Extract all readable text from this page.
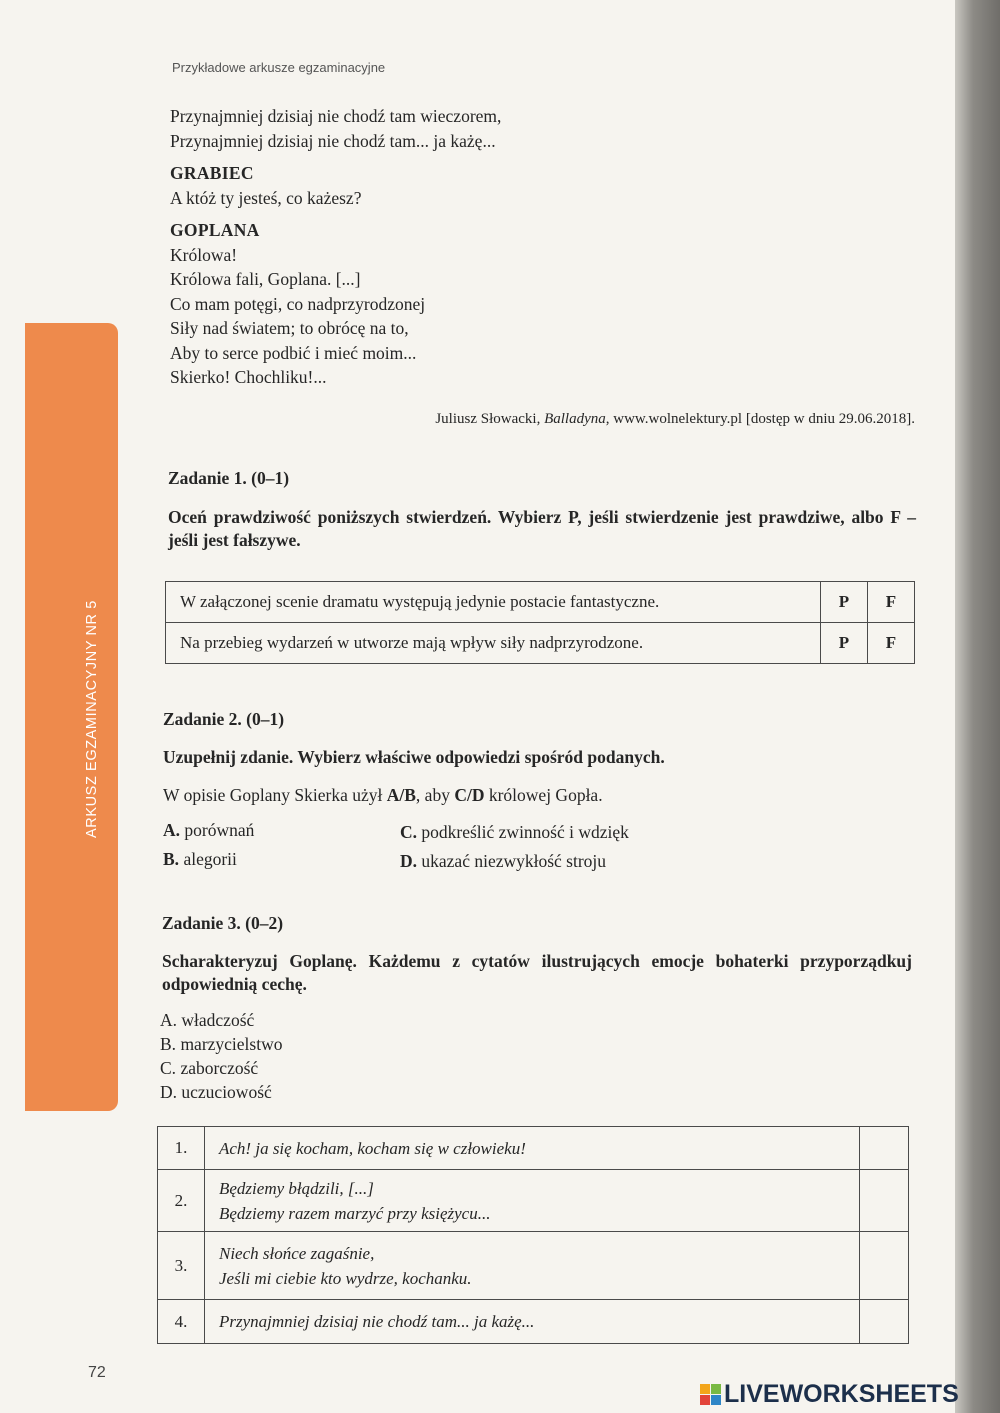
ARKUSZ EGZAMINACYJNY NR 5
Przykładowe arkusze egzaminacyjne

Przynajmniej dzisiaj nie chodź tam wieczorem,

Przynajmniej dzisiaj nie chodź tam... ja każę...

GRABIEC

A któż ty jesteś, co każesz?

GOPLANA

Królowa!

Królowa fali, Goplana. [...]

Co mam potęgi, co nadprzyrodzonej

Siły nad światem; to obrócę na to,

Aby to serce podbić i mieć moim...

Skierko! Chochliku!...

Juliusz Słowacki, Balladyna, www.wolnelektury.pl [dostęp w dniu 29.06.2018].
Zadanie 1. (0–1)
Oceń prawdziwość poniższych stwierdzeń. Wybierz P, jeśli stwierdzenie jest prawdziwe, albo F – jeśli jest fałszywe.
W załączonej scenie dramatu występują jedynie postacie fantastyczne.	P	F
Na przebieg wydarzeń w utworze mają wpływ siły nadprzyrodzone.	P	F
Zadanie 2. (0–1)
Uzupełnij zdanie. Wybierz właściwe odpowiedzi spośród podanych.
W opisie Goplany Skierka użył A/B, aby C/D królowej Gopła.
A. porównań
B. alegorii
C. podkreślić zwinność i wdzięk
D. ukazać niezwykłość stroju
Zadanie 3. (0–2)
Scharakteryzuj Goplanę. Każdemu z cytatów ilustrujących emocje bohaterki przyporządkuj odpowiednią cechę.
A. władczość
B. marzycielstwo
C. zaborczość
D. uczuciowość
1.	Ach! ja się kocham, kocham się w człowieku!	

2.	Będziemy błądzili, [...]
Będziemy razem marzyć przy księżycu...	

3.	Niech słońce zagaśnie,
Jeśli mi ciebie kto wydrze, kochanku.	

4.	Przynajmniej dzisiaj nie chodź tam... ja każę...	

72
LIVEWORKSHEETS
